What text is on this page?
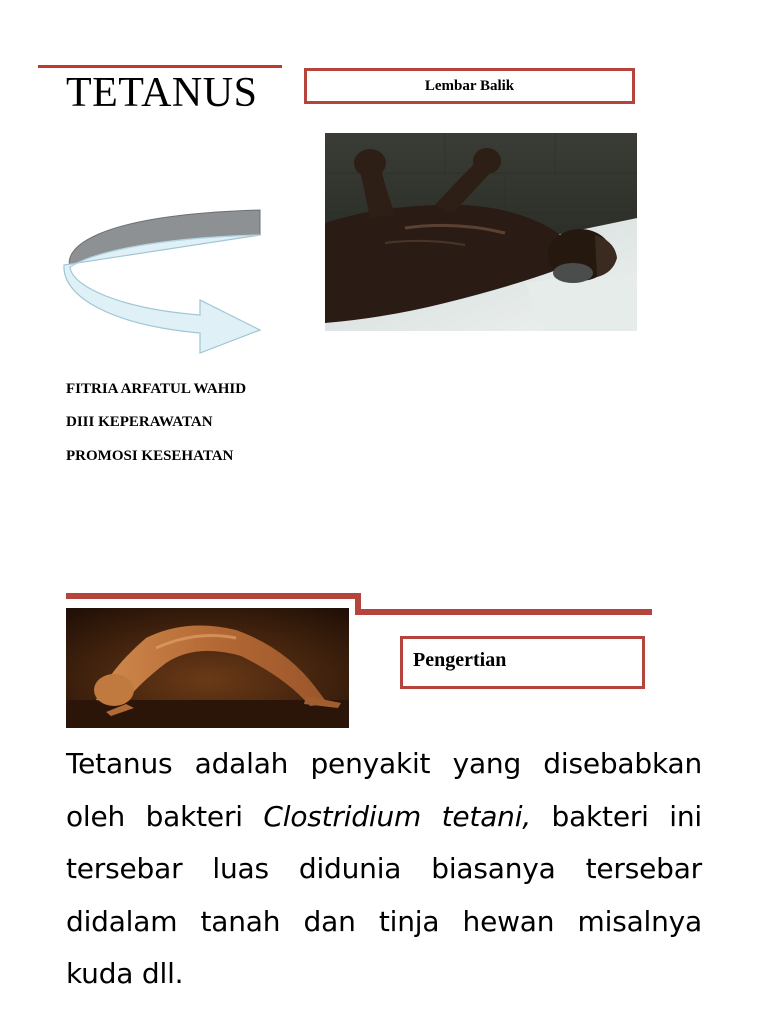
TETANUS	Lembar Balik
FITRIA ARFATUL WAHID
DIII KEPERAWATAN
PROMOSI KESEHATAN
Pengertian
Tetanus adalah penyakit yang disebabkan oleh bakteri Clostridium tetani, bakteri ini tersebar luas didunia biasanya tersebar didalam tanah dan tinja hewan misalnya kuda dll.
